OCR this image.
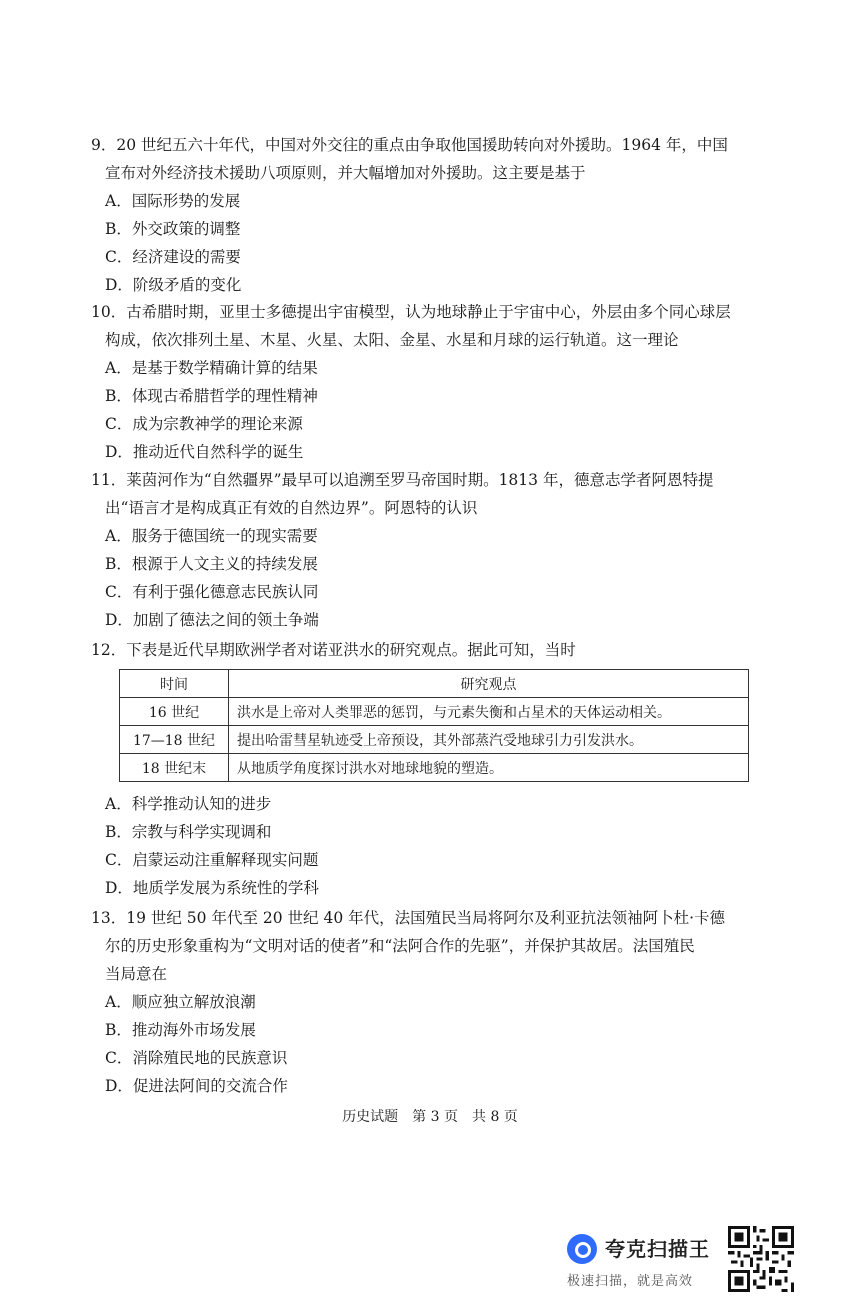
9．20 世纪五六十年代，中国对外交往的重点由争取他国援助转向对外援助。1964 年，中国
宣布对外经济技术援助八项原则，并大幅增加对外援助。这主要是基于

A．国际形势的发展
B．外交政策的调整
C．经济建设的需要
D．阶级矛盾的变化

10．古希腊时期，亚里士多德提出宇宙模型，认为地球静止于宇宙中心，外层由多个同心球层
构成，依次排列土星、木星、火星、太阳、金星、水星和月球的运行轨道。这一理论

A．是基于数学精确计算的结果
B．体现古希腊哲学的理性精神
C．成为宗教神学的理论来源
D．推动近代自然科学的诞生

11．莱茵河作为“自然疆界”最早可以追溯至罗马帝国时期。1813 年，德意志学者阿恩特提
出“语言才是构成真正有效的自然边界”。阿恩特的认识

A．服务于德国统一的现实需要
B．根源于人文主义的持续发展
C．有利于强化德意志民族认同
D．加剧了德法之间的领土争端

12．下表是近代早期欧洲学者对诺亚洪水的研究观点。据此可知，当时

时间	研究观点
16 世纪	洪水是上帝对人类罪恶的惩罚，与元素失衡和占星术的天体运动相关。
17—18 世纪	提出哈雷彗星轨迹受上帝预设，其外部蒸汽受地球引力引发洪水。
18 世纪末	从地质学角度探讨洪水对地球地貌的塑造。
A．科学推动认知的进步
B．宗教与科学实现调和
C．启蒙运动注重解释现实问题
D．地质学发展为系统性的学科

13．19 世纪 50 年代至 20 世纪 40 年代，法国殖民当局将阿尔及利亚抗法领袖阿卜杜·卡德
尔的历史形象重构为“文明对话的使者”和“法阿合作的先驱”，并保护其故居。法国殖民
当局意在

A．顺应独立解放浪潮
B．推动海外市场发展
C．消除殖民地的民族意识
D．促进法阿间的交流合作
历史试题　第 3 页　共 8 页
夸克扫描王
极速扫描，就是高效
